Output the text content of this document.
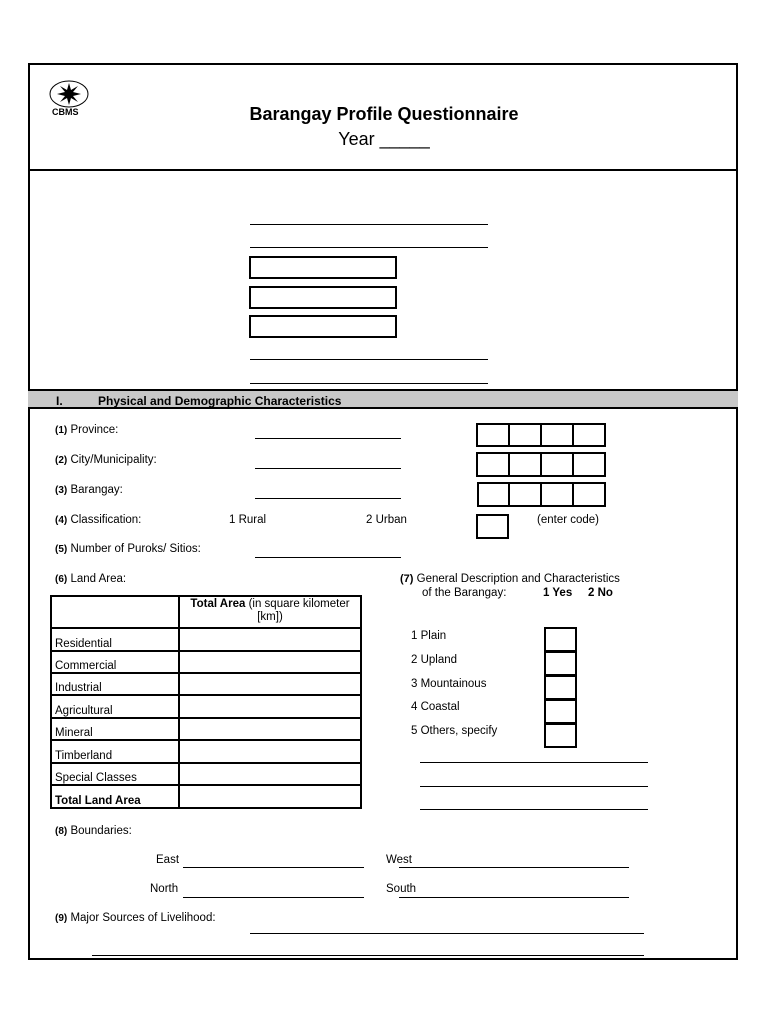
CBMS	Barangay Profile Questionnaire
Year _____
I.	Physical and Demographic Characteristics
(1) Province:
(2) City/Municipality:
(3) Barangay:
(4) Classification:	1 Rural	2 Urban	(enter code)
(5) Number of Puroks/ Sitios:
(6) Land Area:
	Total Area (in square kilometer
[km])
Residential	
Commercial	
Industrial	
Agricultural	
Mineral	
Timberland	
Special Classes	
Total Land Area	
(7) General Description and Characteristics
of the Barangay:	1 Yes 2 No
1 Plain
2 Upland
3 Mountainous
4 Coastal
5 Others, specify
(8) Boundaries:
East	West
North	South
(9) Major Sources of Livelihood:
